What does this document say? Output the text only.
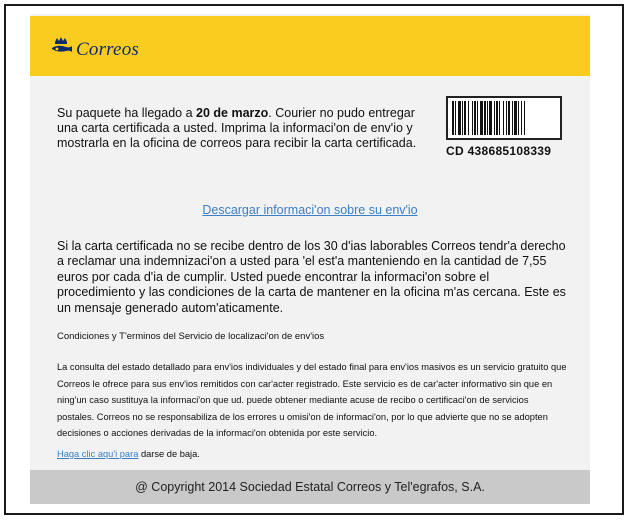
Correos
Su paquete ha llegado a 20 de marzo. Courier no pudo entregar una carta certificada a usted. Imprima la informaci'on de env'io y mostrarla en la oficina de correos para recibir la carta certificada.
CD 438685108339
Descargar informaci'on sobre su env'io
Si la carta certificada no se recibe dentro de los 30 d'ias laborables Correos tendr'a derecho a reclamar una indemnizaci'on a usted para 'el est'a manteniendo en la cantidad de 7,55 euros por cada d'ia de cumplir. Usted puede encontrar la informaci'on sobre el procedimiento y las condiciones de la carta de mantener en la oficina m'as cercana. Este es un mensaje generado autom'aticamente.
Condiciones y T'erminos del Servicio de localizaci'on de env'ios
La consulta del estado detallado para env'ios individuales y del estado final para env'ios masivos es un servicio gratuito que Correos le ofrece para sus env'ios remitidos con car'acter registrado. Este servicio es de car'acter informativo sin que en ning'un caso sustituya la informaci'on que ud. puede obtener mediante acuse de recibo o certificaci'on de servicios postales. Correos no se responsabiliza de los errores u omisi'on de informaci'on, por lo que advierte que no se adopten decisiones o acciones derivadas de la informaci'on obtenida por este servicio.
Haga clic aqu'i para darse de baja.
@ Copyright 2014 Sociedad Estatal Correos y Tel'egrafos, S.A.
